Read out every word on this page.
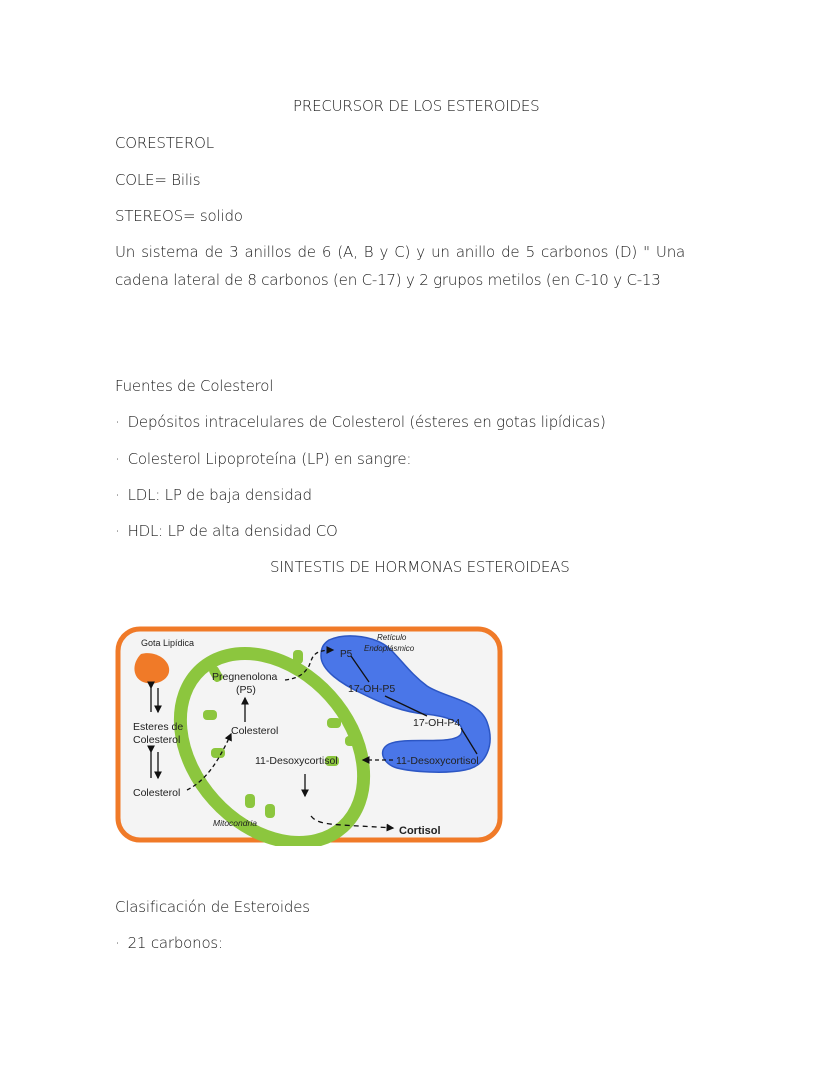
PRECURSOR DE LOS ESTEROIDES
CORESTEROL
COLE= Bilis
STEREOS= solido
Un sistema de 3 anillos de 6 (A, B y C) y un anillo de 5 carbonos (D) " Una cadena lateral de 8 carbonos (en C-17) y 2 grupos metilos (en C-10 y C-13
Fuentes de Colesterol
· Depósitos intracelulares de Colesterol (ésteres en gotas lipídicas)
· Colesterol Lipoproteína (LP) en sangre:
· LDL: LP de baja densidad
· HDL: LP de alta densidad CO
SINTESTIS DE HORMONAS ESTEROIDEAS
Gota Lipídica
Retículo
Endoplásmico
P5
Pregnenolona
(P5)	17-OH-P5
Esteres de
Colesterol
Colesterol
17-OH-P4
11-Desoxycortisol	11-Desoxycortisol
Colesterol
Mitocondria
Cortisol
Clasificación de Esteroides
· 21 carbonos:
